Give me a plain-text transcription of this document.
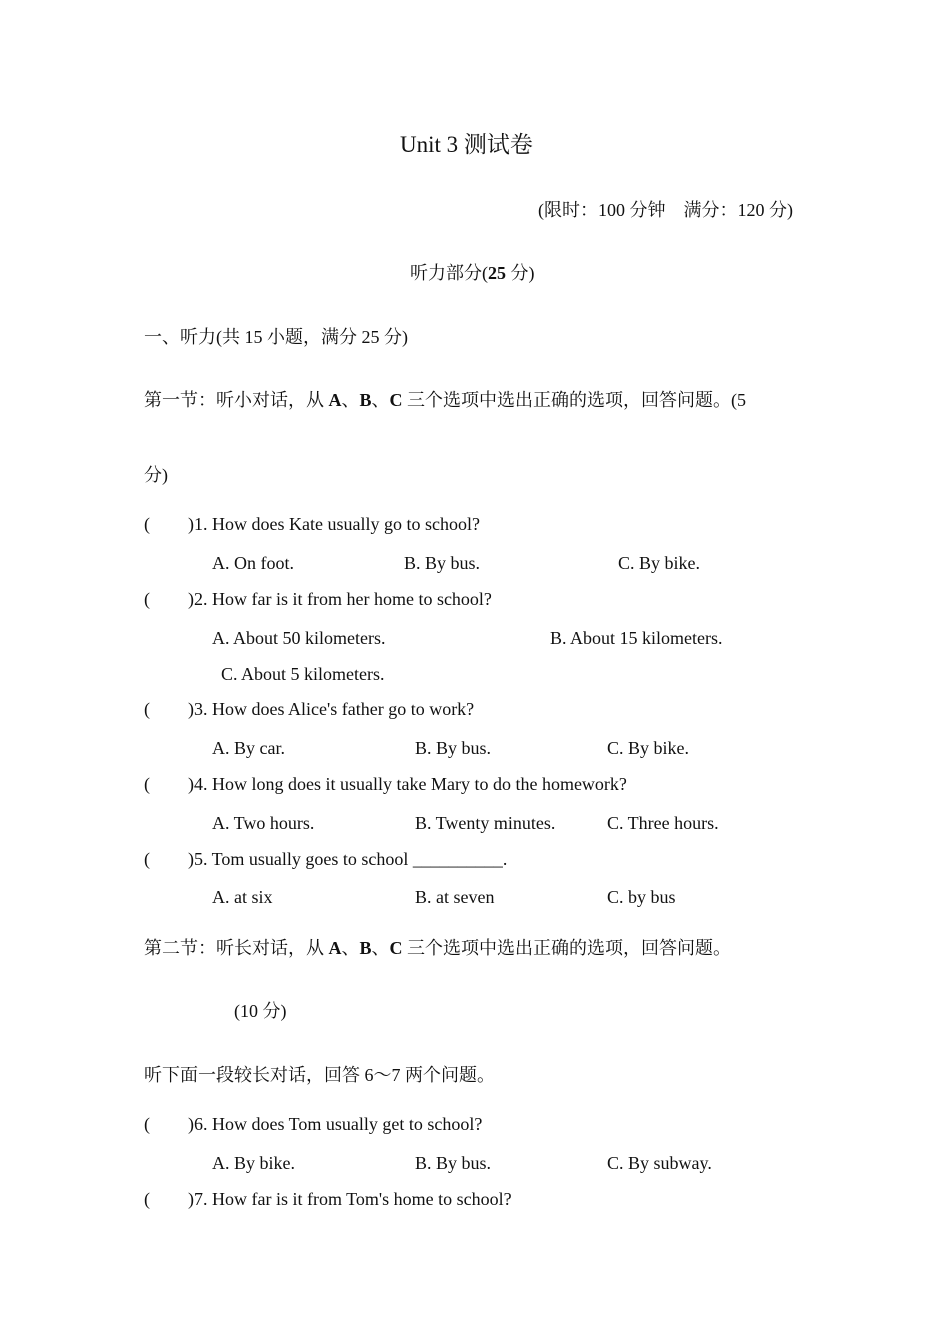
Unit 3 测试卷
(限时：100 分钟　满分：120 分)
听力部分(25 分)
一、听力(共 15 小题，满分 25 分)
第一节：听小对话，从 A、B、C 三个选项中选出正确的选项，回答问题。(5
分)
( )1. How does Kate usually go to school?
A. On foot.	B. By bus.	C. By bike.
( )2. How far is it from her home to school?
A. About 50 kilometers.	B. About 15 kilometers.
C. About 5 kilometers.
( )3. How does Alice's father go to work?
A. By car.	B. By bus.	C. By bike.
( )4. How long does it usually take Mary to do the homework?
A. Two hours.	B. Twenty minutes.	C. Three hours.
( )5. Tom usually goes to school __________.
A. at six	B. at seven	C. by bus
第二节：听长对话，从 A、B、C 三个选项中选出正确的选项，回答问题。
(10 分)
听下面一段较长对话，回答 6～7 两个问题。
( )6. How does Tom usually get to school?
A. By bike.	B. By bus.	C. By subway.
( )7. How far is it from Tom's home to school?
